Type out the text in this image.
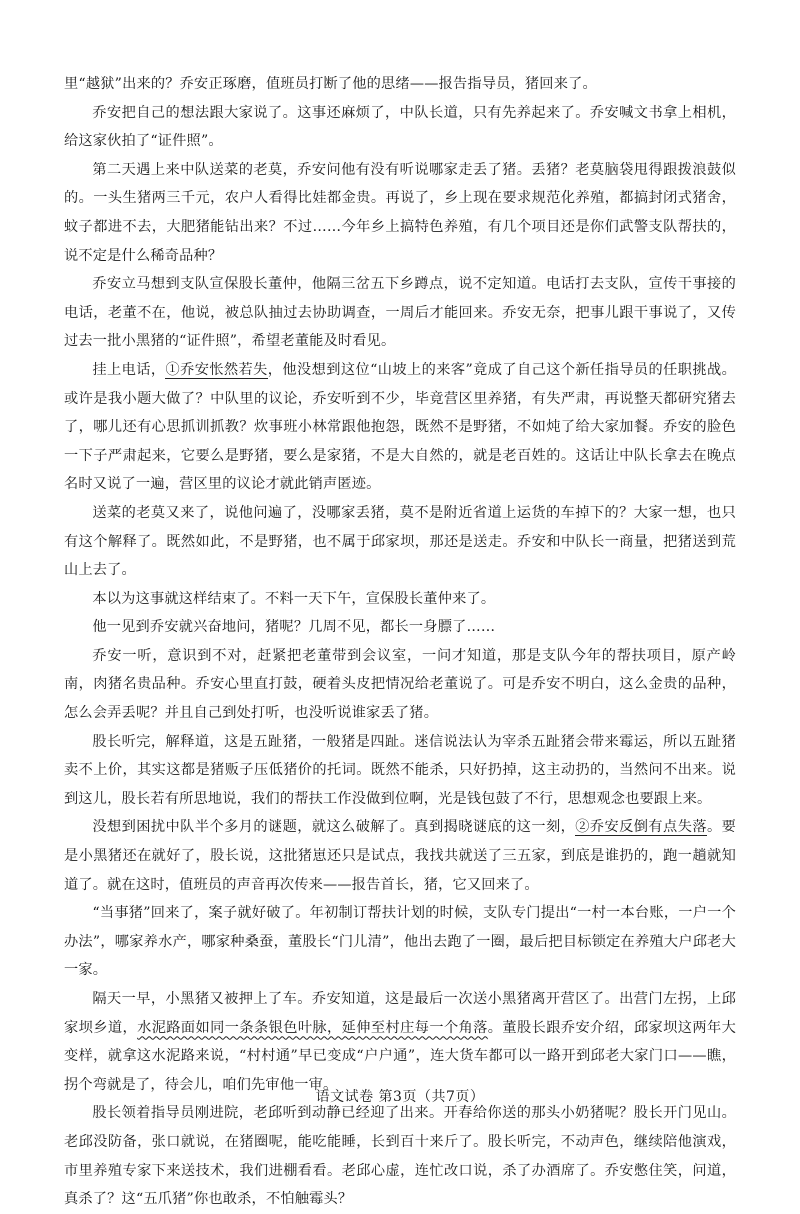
里“越狱”出来的？乔安正琢磨，值班员打断了他的思绪——报告指导员，猪回来了。

乔安把自己的想法跟大家说了。这事还麻烦了，中队长道，只有先养起来了。乔安喊文书拿上相机，给这家伙拍了“证件照”。

第二天遇上来中队送菜的老莫，乔安问他有没有听说哪家走丢了猪。丢猪？老莫脑袋甩得跟拨浪鼓似的。一头生猪两三千元，农户人看得比娃都金贵。再说了，乡上现在要求规范化养殖，都搞封闭式猪舍，蚊子都进不去，大肥猪能钻出来？不过……今年乡上搞特色养殖，有几个项目还是你们武警支队帮扶的，说不定是什么稀奇品种？

乔安立马想到支队宣保股长董仲，他隔三岔五下乡蹲点，说不定知道。电话打去支队，宣传干事接的电话，老董不在，他说，被总队抽过去协助调查，一周后才能回来。乔安无奈，把事儿跟干事说了，又传过去一批小黑猪的“证件照”，希望老董能及时看见。

挂上电话，①乔安怅然若失，他没想到这位“山坡上的来客”竟成了自己这个新任指导员的任职挑战。或许是我小题大做了？中队里的议论，乔安听到不少，毕竟营区里养猪，有失严肃，再说整天都研究猪去了，哪儿还有心思抓训抓教？炊事班小林常跟他抱怨，既然不是野猪，不如炖了给大家加餐。乔安的脸色一下子严肃起来，它要么是野猪，要么是家猪，不是大自然的，就是老百姓的。这话让中队长拿去在晚点名时又说了一遍，营区里的议论才就此销声匿迹。

送菜的老莫又来了，说他问遍了，没哪家丢猪，莫不是附近省道上运货的车掉下的？大家一想，也只有这个解释了。既然如此，不是野猪，也不属于邱家坝，那还是送走。乔安和中队长一商量，把猪送到荒山上去了。

本以为这事就这样结束了。不料一天下午，宣保股长董仲来了。

他一见到乔安就兴奋地问，猪呢？几周不见，都长一身膘了……

乔安一听，意识到不对，赶紧把老董带到会议室，一问才知道，那是支队今年的帮扶项目，原产岭南，肉猪名贵品种。乔安心里直打鼓，硬着头皮把情况给老董说了。可是乔安不明白，这么金贵的品种，怎么会弄丢呢？并且自己到处打听，也没听说谁家丢了猪。

股长听完，解释道，这是五趾猪，一般猪是四趾。迷信说法认为宰杀五趾猪会带来霉运，所以五趾猪卖不上价，其实这都是猪贩子压低猪价的托词。既然不能杀，只好扔掉，这主动扔的，当然问不出来。说到这儿，股长若有所思地说，我们的帮扶工作没做到位啊，光是钱包鼓了不行，思想观念也要跟上来。

没想到困扰中队半个多月的谜题，就这么破解了。真到揭晓谜底的这一刻，②乔安反倒有点失落。要是小黑猪还在就好了，股长说，这批猪崽还只是试点，我找共就送了三五家，到底是谁扔的，跑一趟就知道了。就在这时，值班员的声音再次传来——报告首长，猪，它又回来了。

“当事猪”回来了，案子就好破了。年初制订帮扶计划的时候，支队专门提出“一村一本台账，一户一个办法”，哪家养水产，哪家种桑蚕，董股长“门儿清”，他出去跑了一圈，最后把目标锁定在养殖大户邱老大一家。

隔天一早，小黑猪又被押上了车。乔安知道，这是最后一次送小黑猪离开营区了。出营门左拐，上邱家坝乡道，水泥路面如同一条条银色叶脉，延伸至村庄每一个角落。董股长跟乔安介绍，邱家坝这两年大变样，就拿这水泥路来说，“村村通”早已变成“户户通”，连大货车都可以一路开到邱老大家门口——瞧，拐个弯就是了，待会儿，咱们先审他一审。

股长领着指导员刚进院，老邱听到动静已经迎了出来。开春给你送的那头小奶猪呢？股长开门见山。老邱没防备，张口就说，在猪圈呢，能吃能睡，长到百十来斤了。股长听完，不动声色，继续陪他演戏，市里养殖专家下来送技术，我们进棚看看。老邱心虚，连忙改口说，杀了办酒席了。乔安憋住笑，问道，真杀了？这“五爪猪”你也敢杀，不怕触霉头？

语文试卷 第3页（共7页）
